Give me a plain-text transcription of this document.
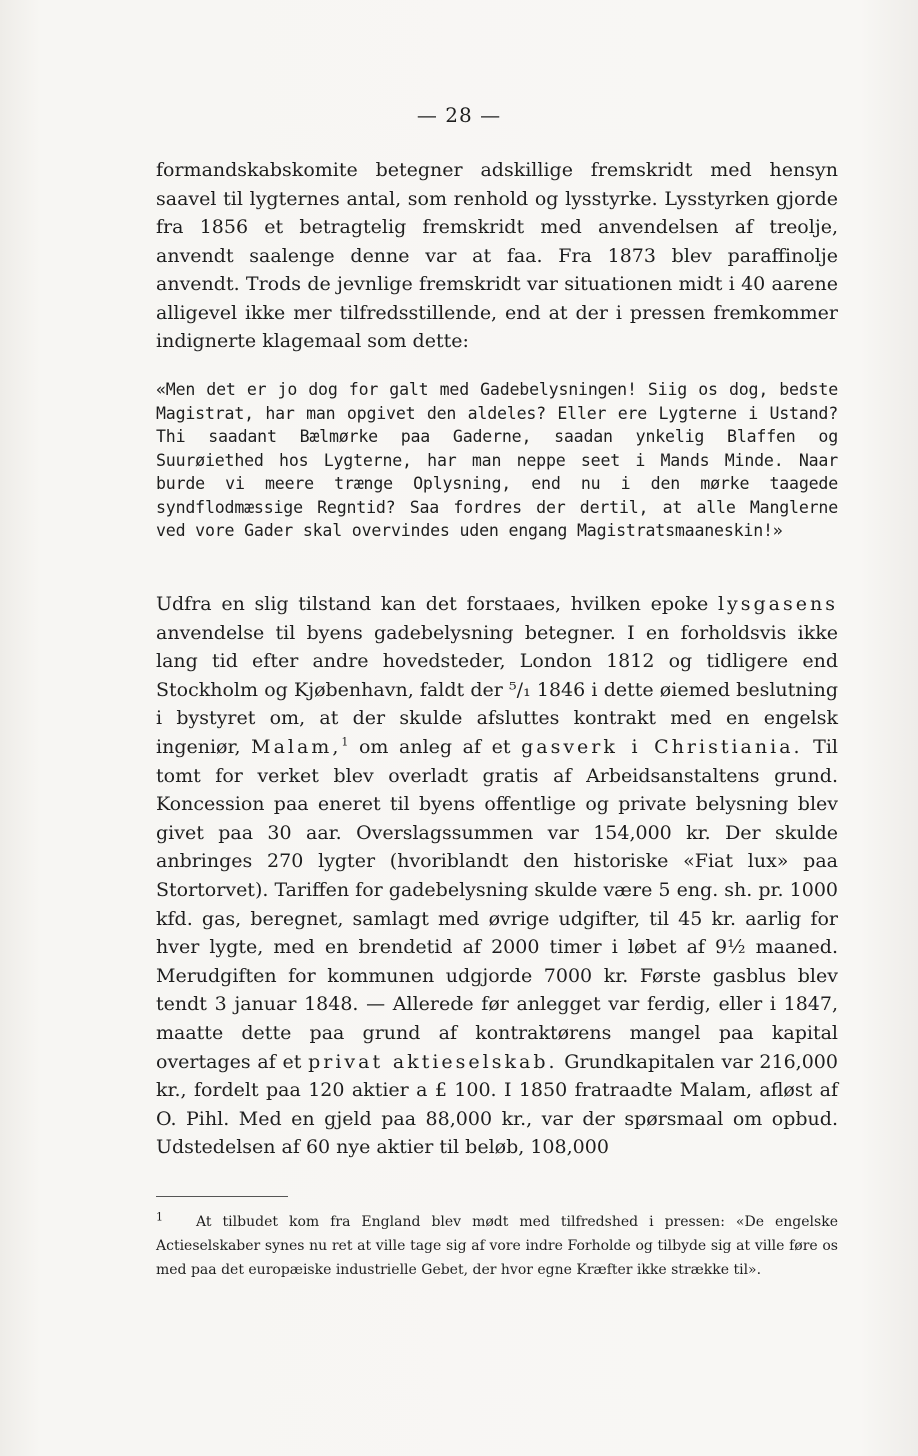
— 28 —

formandskabskomite betegner adskillige fremskridt med hensyn saavel til lygternes antal, som renhold og lysstyrke. Lysstyrken gjorde fra 1856 et betragtelig fremskridt med anvendelsen af treolje, anvendt saalenge denne var at faa. Fra 1873 blev paraffinolje anvendt. Trods de jevnlige fremskridt var situationen midt i 40 aarene alligevel ikke mer tilfredsstillende, end at der i pressen fremkommer indignerte klagemaal som dette:

«Men det er jo dog for galt med Gadebelysningen! Siig os dog, bedste Magistrat, har man opgivet den aldeles? Eller ere Lygterne i Ustand? Thi saadant Bælmørke paa Gaderne, saadan ynkelig Blaffen og Suurøiethed hos Lygterne, har man neppe seet i Mands Minde. Naar burde vi meere trænge Oplysning, end nu i den mørke taagede syndflodmæssige Regntid? Saa fordres der dertil, at alle Manglerne ved vore Gader skal overvindes uden engang Magistratsmaaneskin!»

Udfra en slig tilstand kan det forstaaes, hvilken epoke lysgasens anvendelse til byens gadebelysning betegner. I en forholdsvis ikke lang tid efter andre hovedsteder, London 1812 og tidligere end Stockholm og Kjøbenhavn, faldt der ⁵/₁ 1846 i dette øiemed beslutning i bystyret om, at der skulde afsluttes kontrakt med en engelsk ingeniør, Malam,$^1$ om anleg af et gasverk i Christiania. Til tomt for verket blev overladt gratis af Arbeidsanstaltens grund. Koncession paa eneret til byens offentlige og private belysning blev givet paa 30 aar. Overslagssummen var 154,000 kr. Der skulde anbringes 270 lygter (hvoriblandt den historiske «Fiat lux» paa Stortorvet). Tariffen for gadebelysning skulde være 5 eng. sh. pr. 1000 kfd. gas, beregnet, samlagt med øvrige udgifter, til 45 kr. aarlig for hver lygte, med en brendetid af 2000 timer i løbet af 9½ maaned. Merudgiften for kommunen udgjorde 7000 kr. Første gasblus blev tendt 3 januar 1848. — Allerede før anlegget var ferdig, eller i 1847, maatte dette paa grund af kontraktørens mangel paa kapital overtages af et privat aktieselskab. Grundkapitalen var 216,000 kr., fordelt paa 120 aktier a £ 100. I 1850 fratraadte Malam, afløst af O. Pihl. Med en gjeld paa 88,000 kr., var der spørsmaal om opbud. Udstedelsen af 60 nye aktier til beløb, 108,000

$^1$ At tilbudet kom fra England blev mødt med tilfredshed i pressen: «De engelske Actieselskaber synes nu ret at ville tage sig af vore indre Forholde og tilbyde sig at ville føre os med paa det europæiske industrielle Gebet, der hvor egne Kræfter ikke strække til».
